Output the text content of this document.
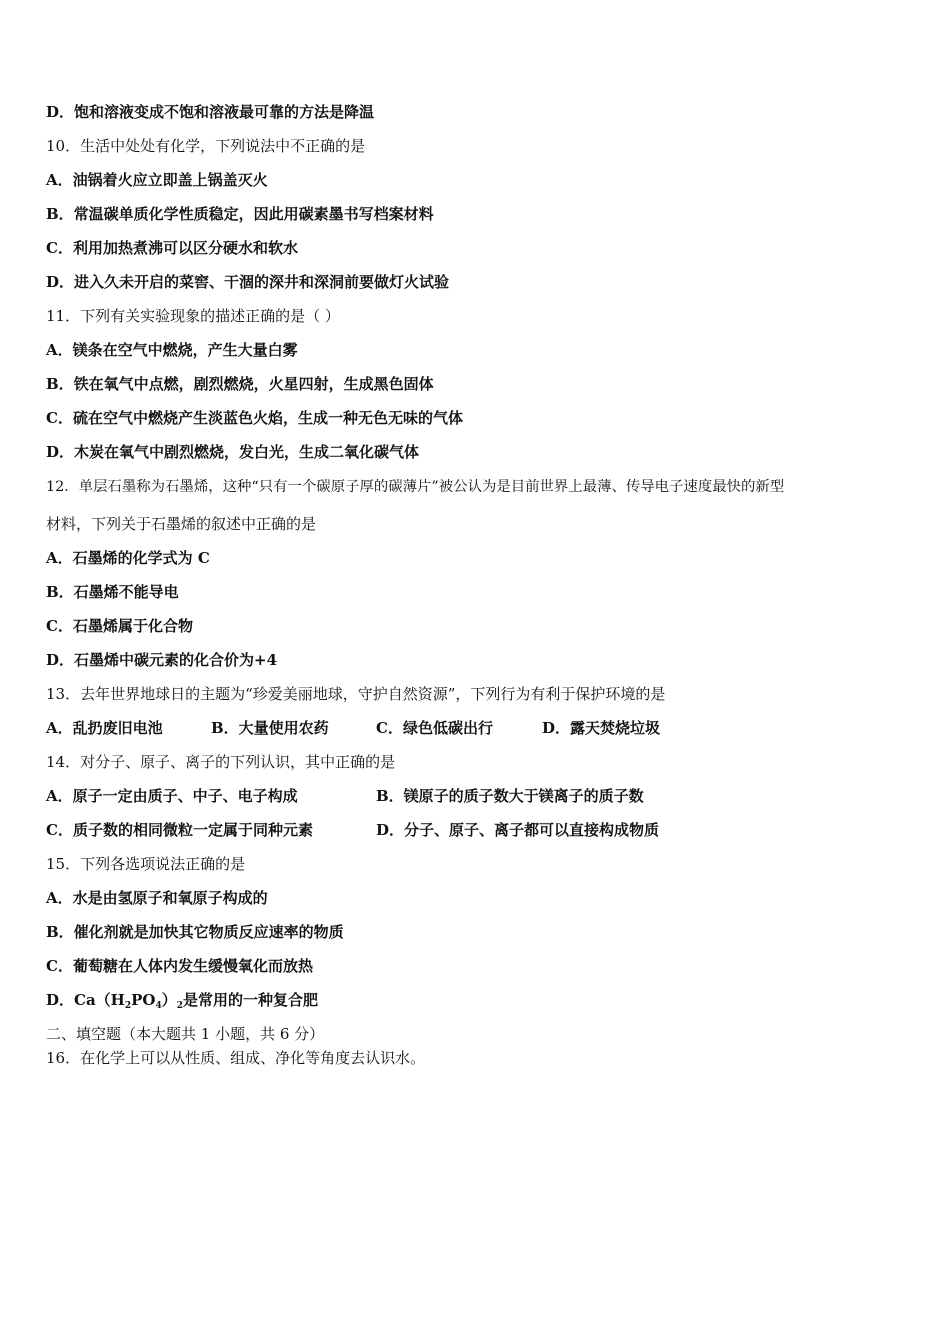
D．饱和溶液变成不饱和溶液最可靠的方法是降温
10．生活中处处有化学，下列说法中不正确的是
A．油锅着火应立即盖上锅盖灭火
B．常温碳单质化学性质稳定，因此用碳素墨书写档案材料
C．利用加热煮沸可以区分硬水和软水
D．进入久未开启的菜窖、干涸的深井和深洞前要做灯火试验
11．下列有关实验现象的描述正确的是（ ）
A．镁条在空气中燃烧，产生大量白雾
B．铁在氧气中点燃，剧烈燃烧，火星四射，生成黑色固体
C．硫在空气中燃烧产生淡蓝色火焰，生成一种无色无味的气体
D．木炭在氧气中剧烈燃烧，发白光，生成二氧化碳气体
12．单层石墨称为石墨烯，这种“只有一个碳原子厚的碳薄片”被公认为是目前世界上最薄、传导电子速度最快的新型
材料，下列关于石墨烯的叙述中正确的是
A．石墨烯的化学式为 C
B．石墨烯不能导电
C．石墨烯属于化合物
D．石墨烯中碳元素的化合价为+4
13．去年世界地球日的主题为“珍爱美丽地球，守护自然资源”，下列行为有利于保护环境的是
A．乱扔废旧电池	B．大量使用农药	C．绿色低碳出行	D．露天焚烧垃圾
14．对分子、原子、离子的下列认识，其中正确的是
A．原子一定由质子、中子、电子构成	B．镁原子的质子数大于镁离子的质子数
C．质子数的相同微粒一定属于同种元素	D．分子、原子、离子都可以直接构成物质
15．下列各选项说法正确的是
A．水是由氢原子和氧原子构成的
B．催化剂就是加快其它物质反应速率的物质
C．葡萄糖在人体内发生缓慢氧化而放热
D．$Ca(H_2PO_4)_2$是常用的一种复合肥
二、填空题（本大题共 1 小题，共 6 分）
16．在化学上可以从性质、组成、净化等角度去认识水。
